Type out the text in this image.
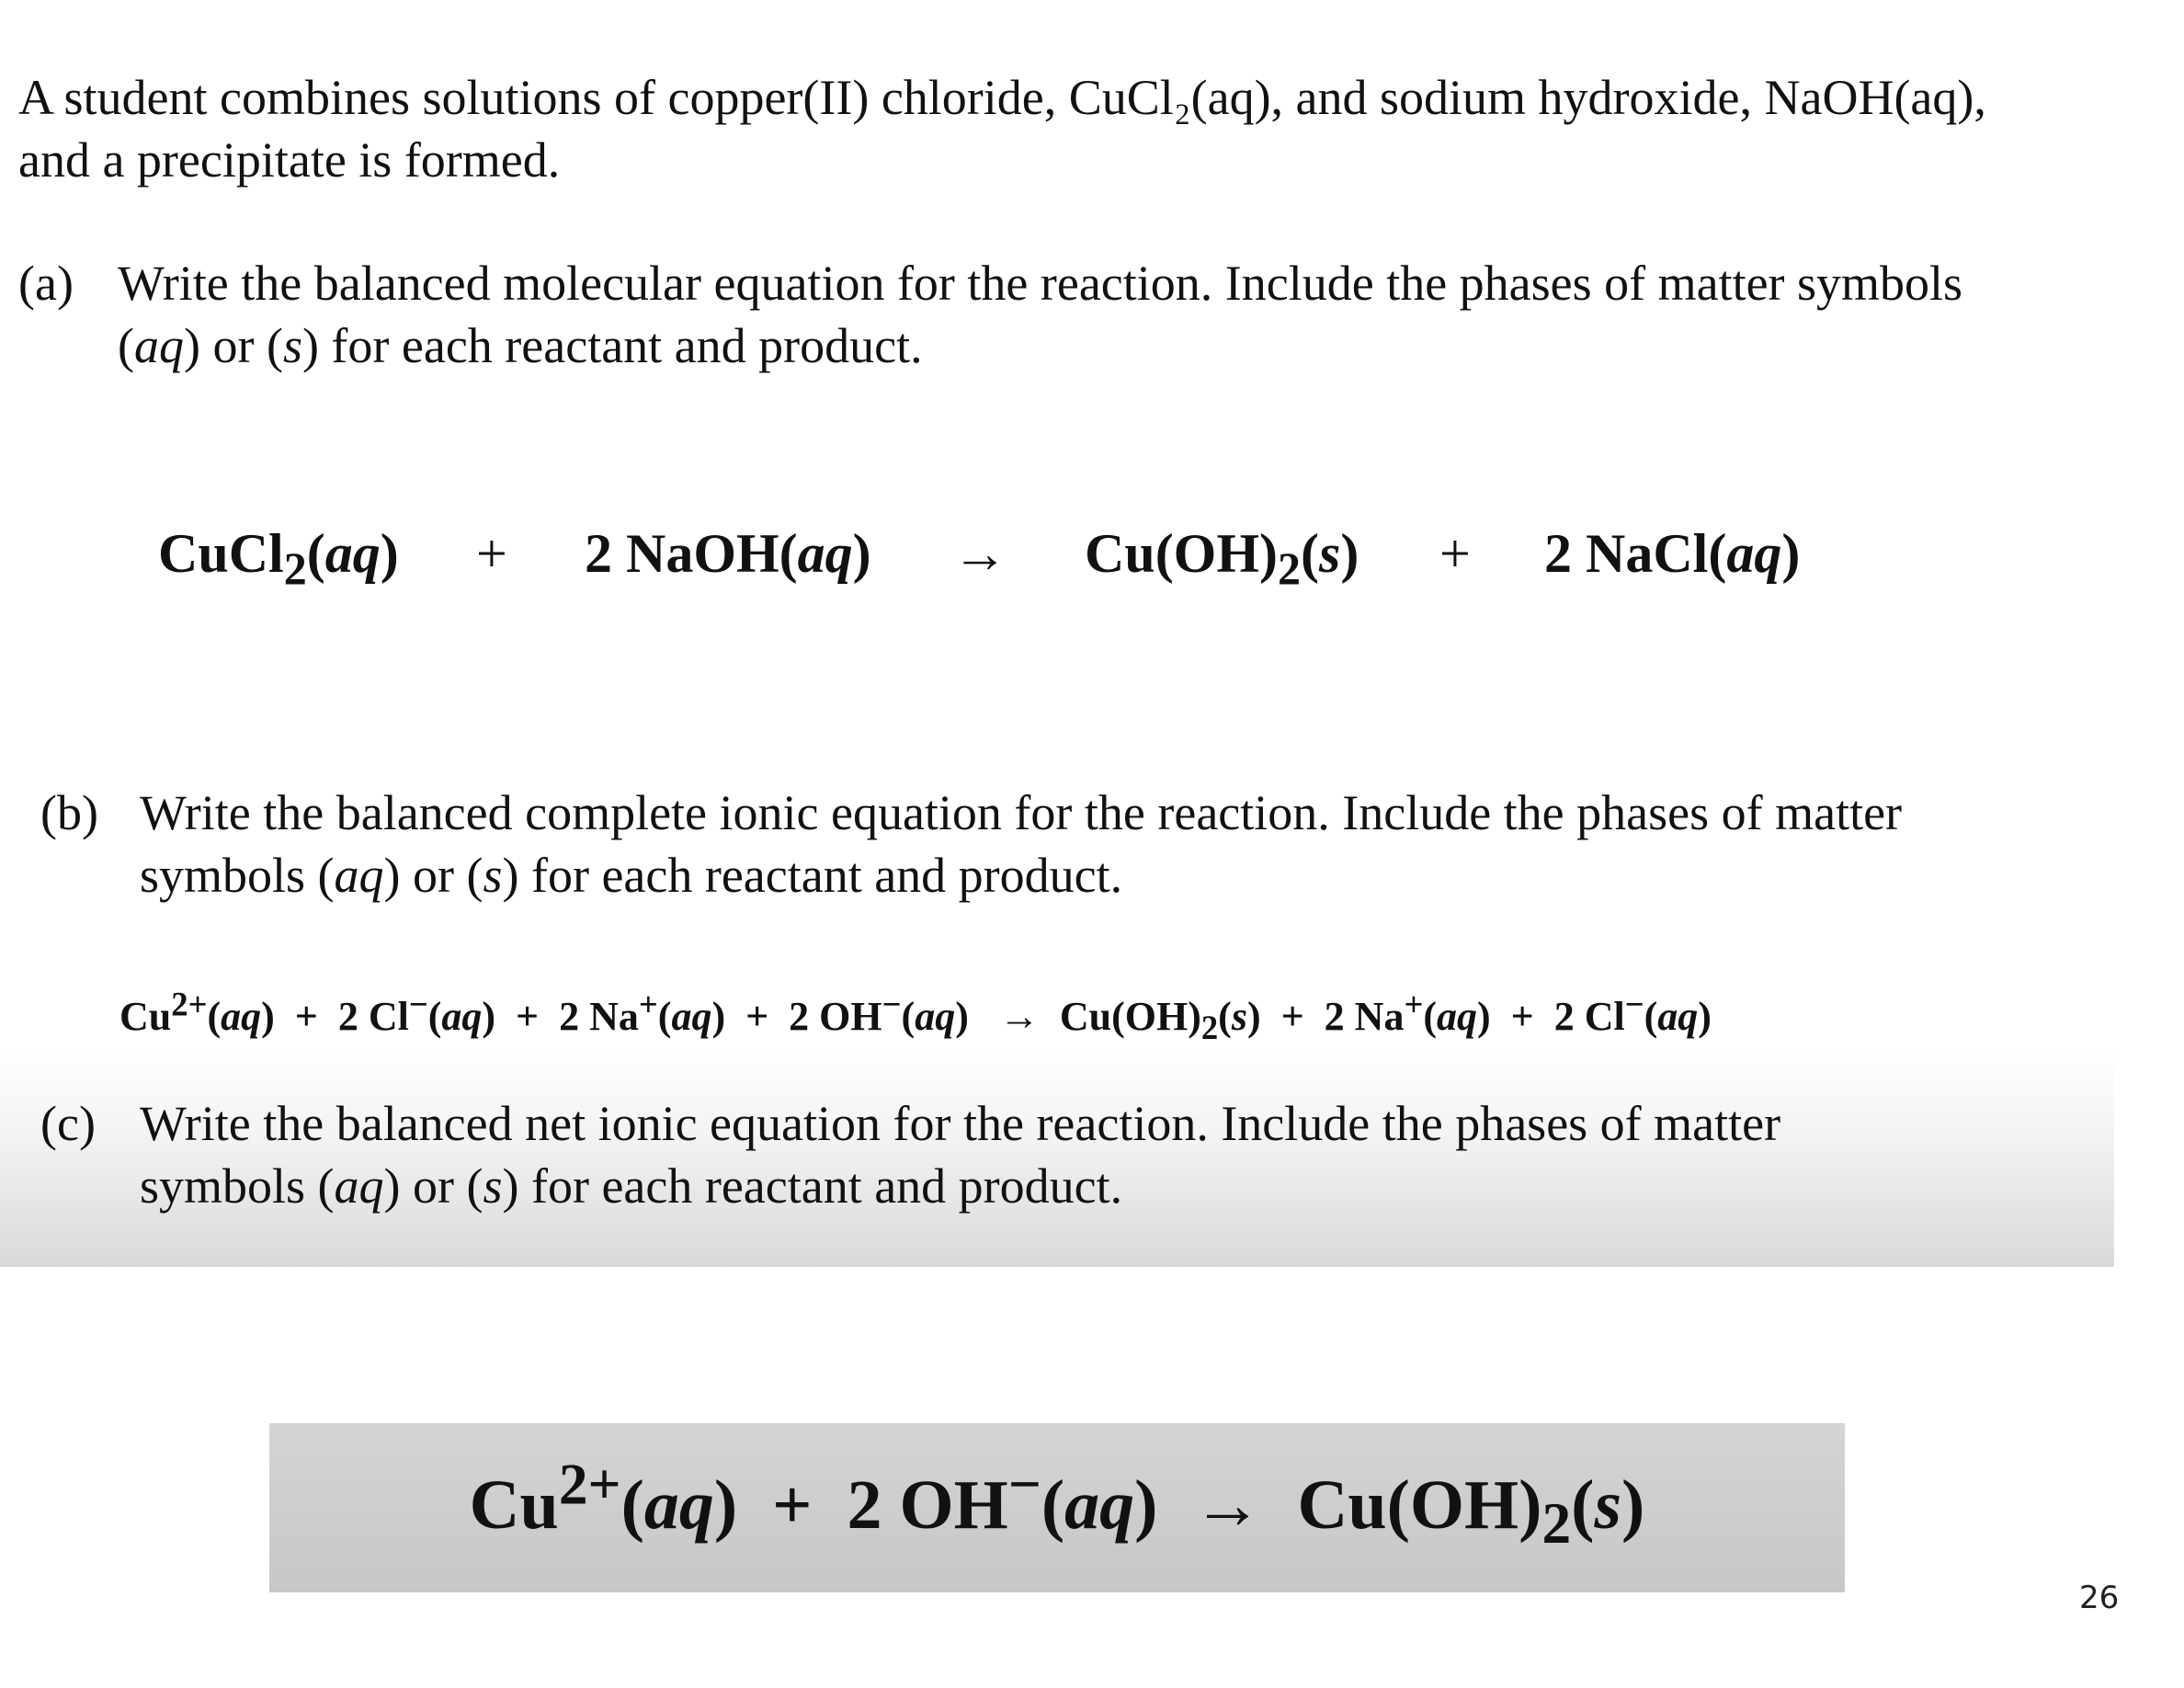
A student combines solutions of copper(II) chloride, CuCl₂(aq), and sodium hydroxide, NaOH(aq),
and a precipitate is formed.
(a) Write the balanced molecular equation for the reaction. Include the phases of matter symbols
(aq) or (s) for each reactant and product.
CuCl$_2$(aq) + 2 NaOH(aq) → $Cu(OH)_2(s) + 2$ NaCl(aq)
(b) Write the balanced complete ionic equation for the reaction. Include the phases of matter
symbols (aq) or (s) for each reactant and product.
$Cu^{2+}(aq) + 2$ Cl−(aq)  +  2 Na+(aq)  +  2 $OH^-(aq) \to Cu(OH)_2(s) + 2$ Na+(aq)  +  2 Cl−(aq)
(c) Write the balanced net ionic equation for the reaction. Include the phases of matter
symbols (aq) or (s) for each reactant and product.
$Cu^{2+}(aq) + 2$ $OH^-(aq) \to Cu(OH)_2(s)$
26
